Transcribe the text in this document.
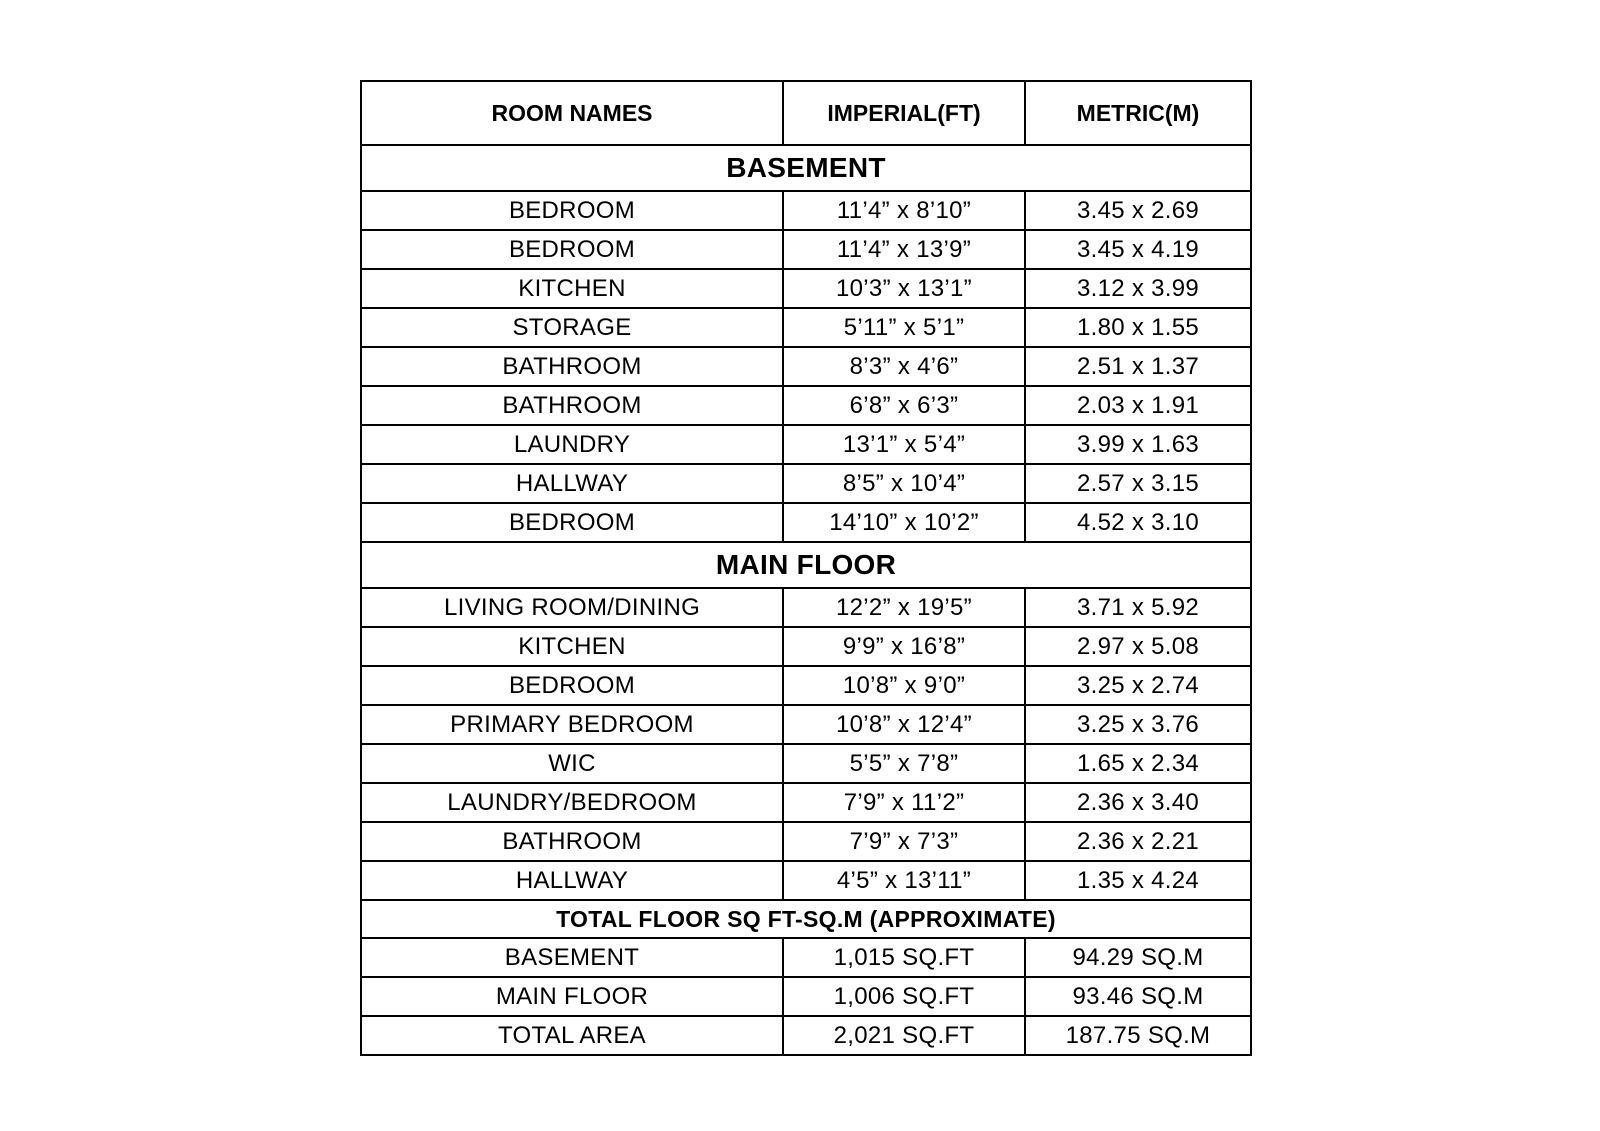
ROOM NAMES	IMPERIAL(FT)	METRIC(M)
BASEMENT		
BEDROOM	11’4” x 8’10”	3.45 x 2.69
BEDROOM	11’4” x 13’9”	3.45 x 4.19
KITCHEN	10’3” x 13’1”	3.12 x 3.99
STORAGE	5’11” x 5’1”	1.80 x 1.55
BATHROOM	8’3” x 4’6”	2.51 x 1.37
BATHROOM	6’8” x 6’3”	2.03 x 1.91
LAUNDRY	13’1” x 5’4”	3.99 x 1.63
HALLWAY	8’5” x 10’4”	2.57 x 3.15
BEDROOM	14’10” x 10’2”	4.52 x 3.10
MAIN FLOOR		
LIVING ROOM/DINING	12’2” x 19’5”	3.71 x 5.92
KITCHEN	9’9” x 16’8”	2.97 x 5.08
BEDROOM	10’8” x 9’0”	3.25 x 2.74
PRIMARY BEDROOM	10’8” x 12’4”	3.25 x 3.76
WIC	5’5” x 7’8”	1.65 x 2.34
LAUNDRY/BEDROOM	7’9” x 11’2”	2.36 x 3.40
BATHROOM	7’9” x 7’3”	2.36 x 2.21
HALLWAY	4’5” x 13’11”	1.35 x 4.24
TOTAL FLOOR SQ FT-SQ.M (APPROXIMATE)		
BASEMENT	1,015 SQ.FT	94.29 SQ.M
MAIN FLOOR	1,006 SQ.FT	93.46 SQ.M
TOTAL AREA	2,021 SQ.FT	187.75 SQ.M
